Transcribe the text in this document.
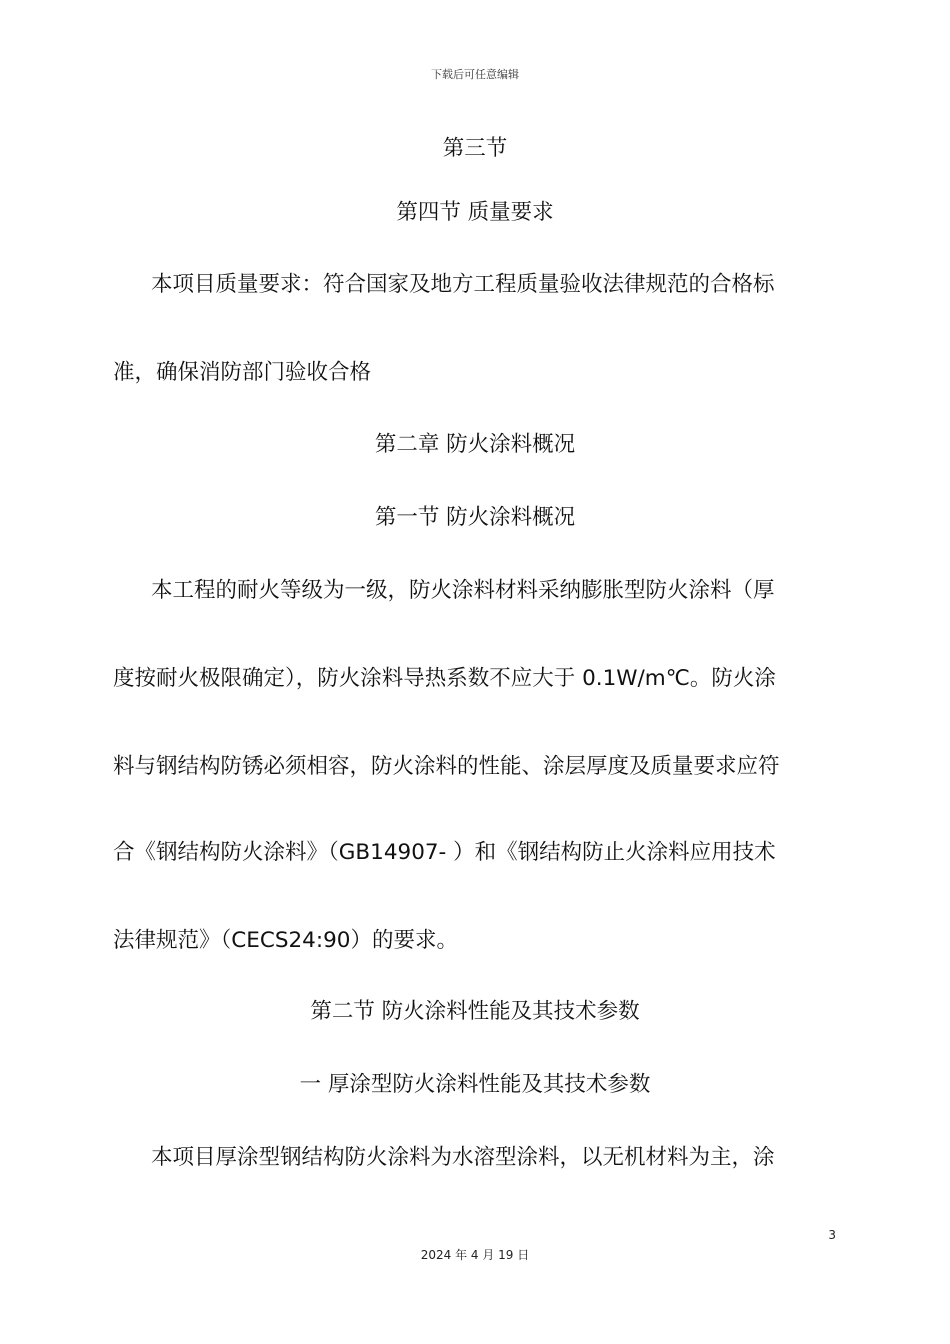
下载后可任意编辑
第三节
第四节 质量要求
本项目质量要求：符合国家及地方工程质量验收法律规范的合格标
准，确保消防部门验收合格
第二章 防火涂料概况
第一节 防火涂料概况
本工程的耐火等级为一级，防火涂料材料采纳膨胀型防火涂料（厚
度按耐火极限确定），防火涂料导热系数不应大于 0.1W/m℃。防火涂
料与钢结构防锈必须相容，防火涂料的性能、涂层厚度及质量要求应符
合《钢结构防火涂料》（GB14907- ）和《钢结构防止火涂料应用技术
法律规范》（CECS24:90）的要求。
第二节 防火涂料性能及其技术参数
一 厚涂型防火涂料性能及其技术参数
本项目厚涂型钢结构防火涂料为水溶型涂料，以无机材料为主，涂
3
2024 年 4 月 19 日
